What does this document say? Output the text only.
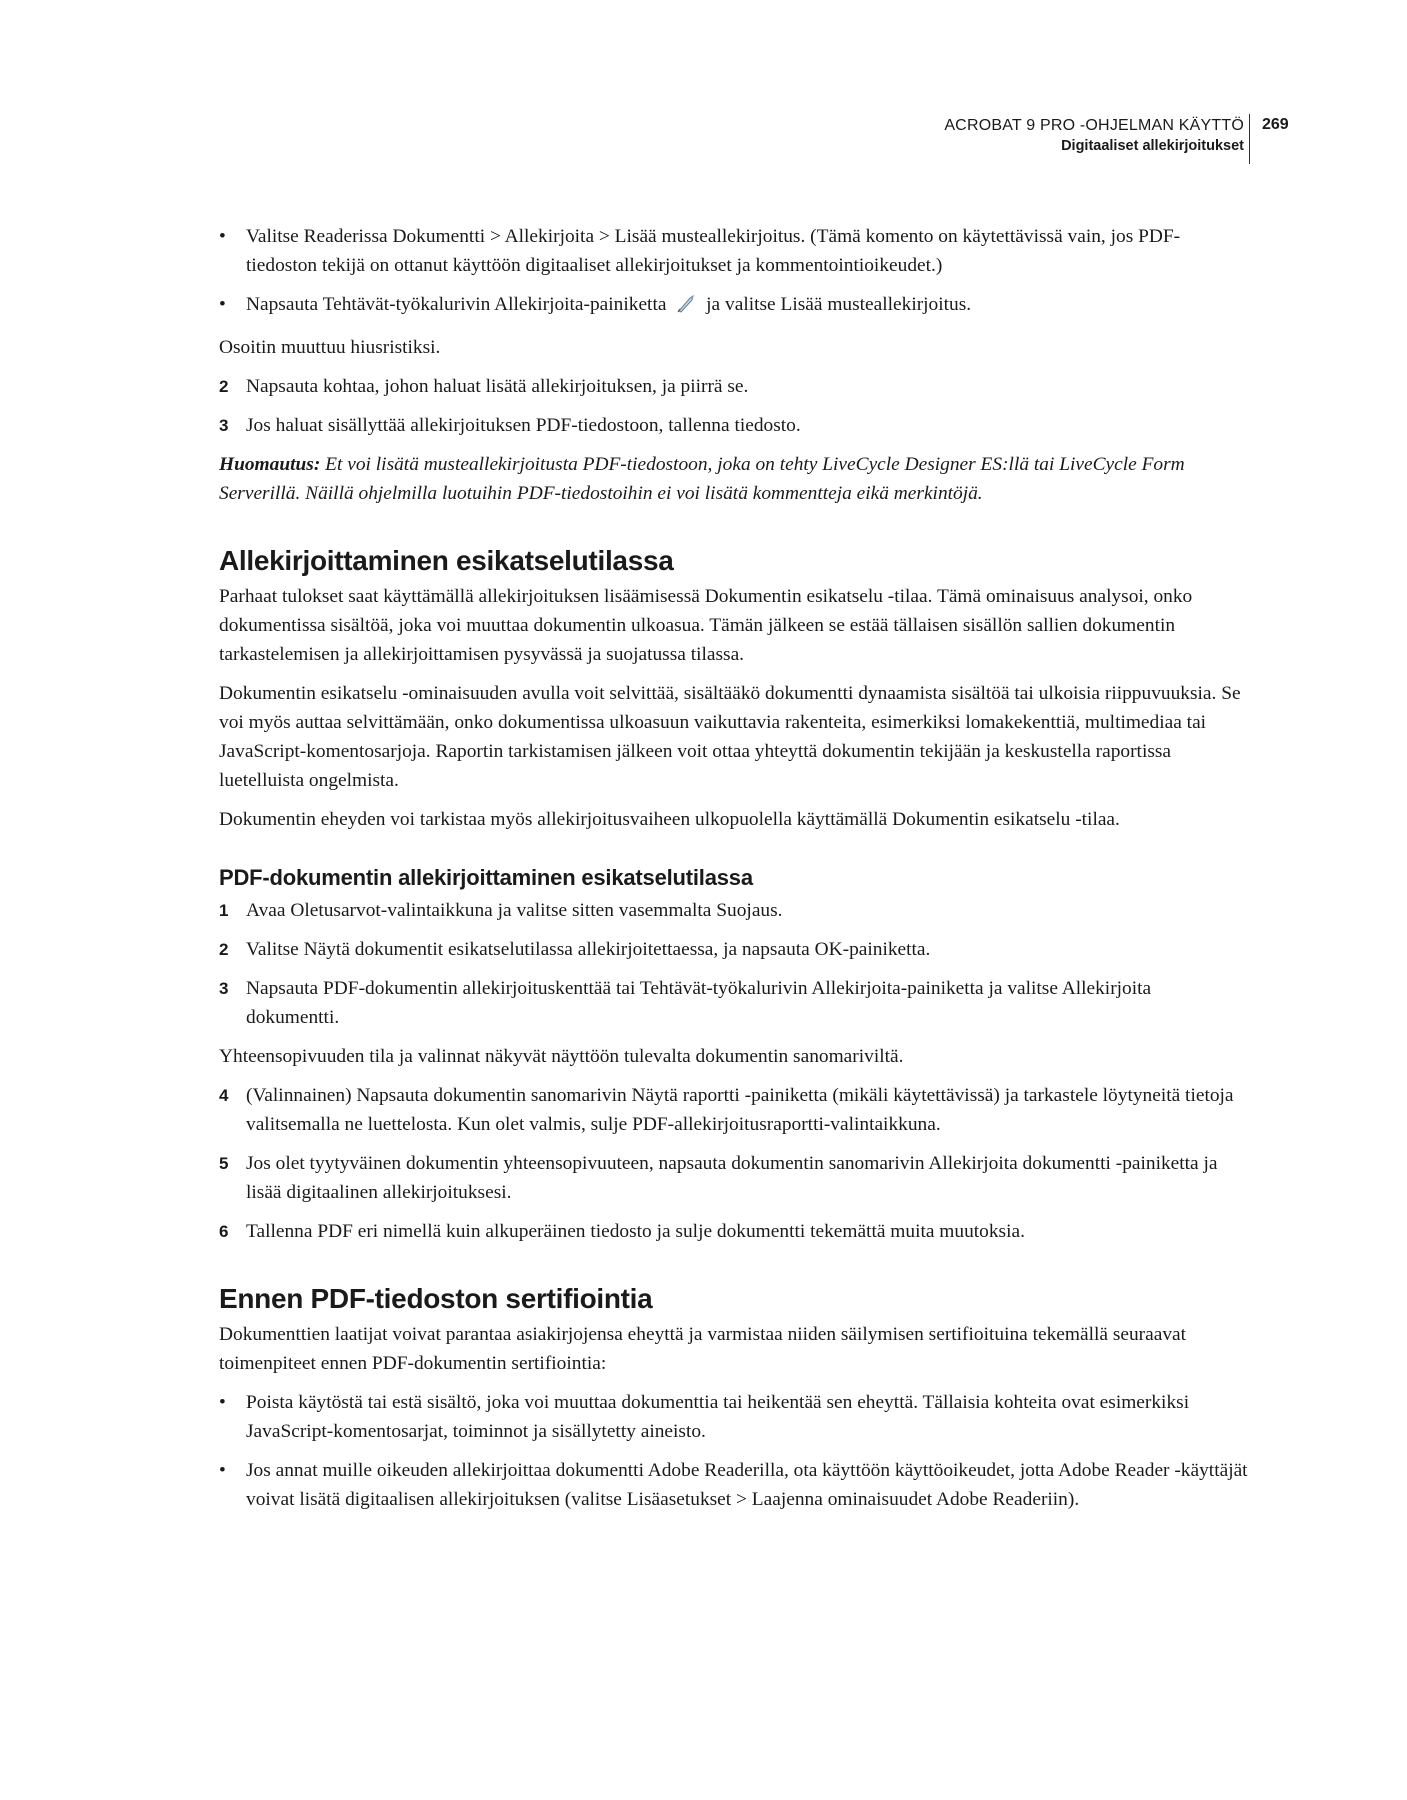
ACROBAT 9 PRO -OHJELMAN KÄYTTÖ
Digitaaliset allekirjoitukset
269
• Valitse Readerissa Dokumentti > Allekirjoita > Lisää musteallekirjoitus. (Tämä komento on käytettävissä vain, jos PDF-tiedoston tekijä on ottanut käyttöön digitaaliset allekirjoitukset ja kommentointioikeudet.)
• Napsauta Tehtävät-työkalurivin Allekirjoita-painiketta ja valitse Lisää musteallekirjoitus.

Osoitin muuttuu hiusristiksi.

2 Napsauta kohtaa, johon haluat lisätä allekirjoituksen, ja piirrä se.
3 Jos haluat sisällyttää allekirjoituksen PDF-tiedostoon, tallenna tiedosto.

Huomautus: Et voi lisätä musteallekirjoitusta PDF-tiedostoon, joka on tehty LiveCycle Designer ES:llä tai LiveCycle Form Serverillä. Näillä ohjelmilla luotuihin PDF-tiedostoihin ei voi lisätä kommentteja eikä merkintöjä.

Allekirjoittaminen esikatselutilassa

Parhaat tulokset saat käyttämällä allekirjoituksen lisäämisessä Dokumentin esikatselu -tilaa. Tämä ominaisuus analysoi, onko dokumentissa sisältöä, joka voi muuttaa dokumentin ulkoasua. Tämän jälkeen se estää tällaisen sisällön sallien dokumentin tarkastelemisen ja allekirjoittamisen pysyvässä ja suojatussa tilassa.

Dokumentin esikatselu -ominaisuuden avulla voit selvittää, sisältääkö dokumentti dynaamista sisältöä tai ulkoisia riippuvuuksia. Se voi myös auttaa selvittämään, onko dokumentissa ulkoasuun vaikuttavia rakenteita, esimerkiksi lomakekenttiä, multimediaa tai JavaScript-komentosarjoja. Raportin tarkistamisen jälkeen voit ottaa yhteyttä dokumentin tekijään ja keskustella raportissa luetelluista ongelmista.

Dokumentin eheyden voi tarkistaa myös allekirjoitusvaiheen ulkopuolella käyttämällä Dokumentin esikatselu -tilaa.

PDF-dokumentin allekirjoittaminen esikatselutilassa
1 Avaa Oletusarvot-valintaikkuna ja valitse sitten vasemmalta Suojaus.
2 Valitse Näytä dokumentit esikatselutilassa allekirjoitettaessa, ja napsauta OK-painiketta.
3 Napsauta PDF-dokumentin allekirjoituskenttää tai Tehtävät-työkalurivin Allekirjoita-painiketta ja valitse Allekirjoita dokumentti.

Yhteensopivuuden tila ja valinnat näkyvät näyttöön tulevalta dokumentin sanomariviltä.

4 (Valinnainen) Napsauta dokumentin sanomarivin Näytä raportti -painiketta (mikäli käytettävissä) ja tarkastele löytyneitä tietoja valitsemalla ne luettelosta. Kun olet valmis, sulje PDF-allekirjoitusraportti-valintaikkuna.
5 Jos olet tyytyväinen dokumentin yhteensopivuuteen, napsauta dokumentin sanomarivin Allekirjoita dokumentti -painiketta ja lisää digitaalinen allekirjoituksesi.
6 Tallenna PDF eri nimellä kuin alkuperäinen tiedosto ja sulje dokumentti tekemättä muita muutoksia.
Ennen PDF-tiedoston sertifiointia

Dokumenttien laatijat voivat parantaa asiakirjojensa eheyttä ja varmistaa niiden säilymisen sertifioituina tekemällä seuraavat toimenpiteet ennen PDF-dokumentin sertifiointia:

• Poista käytöstä tai estä sisältö, joka voi muuttaa dokumenttia tai heikentää sen eheyttä. Tällaisia kohteita ovat esimerkiksi JavaScript-komentosarjat, toiminnot ja sisällytetty aineisto.
• Jos annat muille oikeuden allekirjoittaa dokumentti Adobe Readerilla, ota käyttöön käyttöoikeudet, jotta Adobe Reader -käyttäjät voivat lisätä digitaalisen allekirjoituksen (valitse Lisäasetukset > Laajenna ominaisuudet Adobe Readeriin).
